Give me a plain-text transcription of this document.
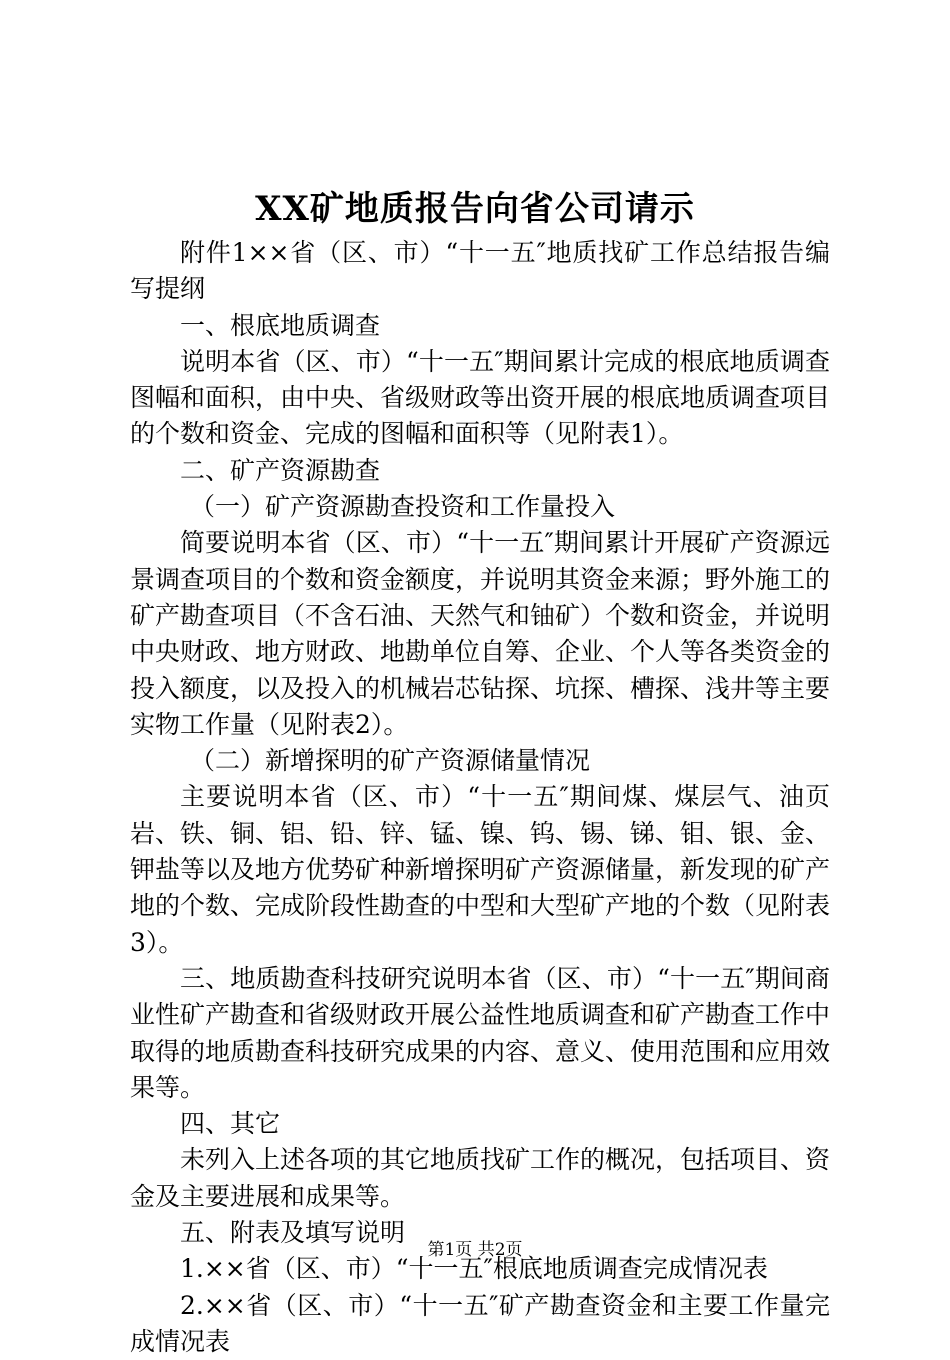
XX矿地质报告向省公司请示

附件1××省（区、市）“十一五″地质找矿工作总结报告编写提纲

一、根底地质调查

说明本省（区、市）“十一五″期间累计完成的根底地质调查图幅和面积，由中央、省级财政等出资开展的根底地质调查项目的个数和资金、完成的图幅和面积等（见附表1）。

二、矿产资源勘查

（一）矿产资源勘查投资和工作量投入

简要说明本省（区、市）“十一五″期间累计开展矿产资源远景调查项目的个数和资金额度，并说明其资金来源；野外施工的矿产勘查项目（不含石油、天然气和铀矿）个数和资金，并说明中央财政、地方财政、地勘单位自筹、企业、个人等各类资金的投入额度，以及投入的机械岩芯钻探、坑探、槽探、浅井等主要实物工作量（见附表2）。

（二）新增探明的矿产资源储量情况

主要说明本省（区、市）“十一五″期间煤、煤层气、油页岩、铁、铜、铝、铅、锌、锰、镍、钨、锡、锑、钼、银、金、钾盐等以及地方优势矿种新增探明矿产资源储量，新发现的矿产地的个数、完成阶段性勘查的中型和大型矿产地的个数（见附表3）。

三、地质勘查科技研究说明本省（区、市）“十一五″期间商业性矿产勘查和省级财政开展公益性地质调查和矿产勘查工作中取得的地质勘查科技研究成果的内容、意义、使用范围和应用效果等。

四、其它

未列入上述各项的其它地质找矿工作的概况，包括项目、资金及主要进展和成果等。

五、附表及填写说明

1.××省（区、市）“十一五″根底地质调查完成情况表

2.××省（区、市）“十一五″矿产勘查资金和主要工作量完成情况表

第1页 共2页
